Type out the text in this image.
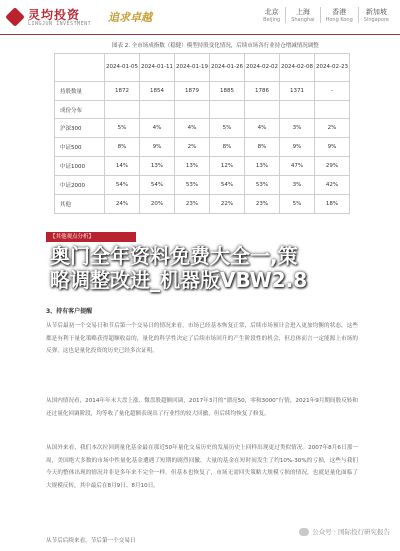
灵均投资
LINGJUN INVESTMENT 追求卓越	北京
Beijing
上海
Shanghai
香港
Hong Kong
新加坡
Singapore
图表 2. 全市场成指数（稳健）模型持股变化情况，后续市场各行业持仓增减情况调整
	2024-01-05	2024-01-11	2024-01-19	2024-01-26	2024-02-02	2024-02-08	2024-02-23
持股数量	1872	1854	1879	1885	1786	1371	-
成份分布							
沪深300	5%	4%	4%	5%	4%	3%	2%
中证500	8%	9%	2%	8%	8%	9%	9%
中证1000	14%	13%	13%	12%	13%	47%	29%
中证2000	54%	54%	53%	54%	53%	3%	42%
其他	24%	20%	23%	22%	23%	5%	18%
【其他观点分析】
3、持有客户提醒
从节后最初一个交易日和节后第一个交易日的情况来看，市场已经基本恢复正常，后续市场预计会进入更加均衡的状态，这些都是有利于量化策略获得超额收益的，量化的科学性决定了后续市场回升的产生阶段性的机会，但总体而言一定能源上市场的反弹，这也是量化投资的历史已经多次证明。
从国内情况看，2014年年末大盘上涨、微盘股超额回调，2017年3月的“漂亮50，零和3000”行情，2021年9月期间股反转和还过量化回调阶段，均等收了量化超额表现出了行业性的较大回撤，但后续均恢复了修复。
从国外来看，我们本次拉回到量化基金最在那近50年量化交易历史的发展历史上回样出现更过类似情况。2007年8月6日那一周，美国绝大多数的市场中性量化基金遭遇了短期的剧烈回撤，大量的基金在短时间发生了约10%-30%的亏损，这些与我们今天的整体出现的情况并非是多年来不完全一样，但基本也恢复了，市场无需回失策略大规模亏损的情况，也就是量化面临了大规模反转，其中最后在8月9日、8月10日。
从节后后续来看，节后第一个交易日
公众号 · 国际投行研究报告
奥门全年资料免费大全一,策
略调整改进_机器版VBW2.8
